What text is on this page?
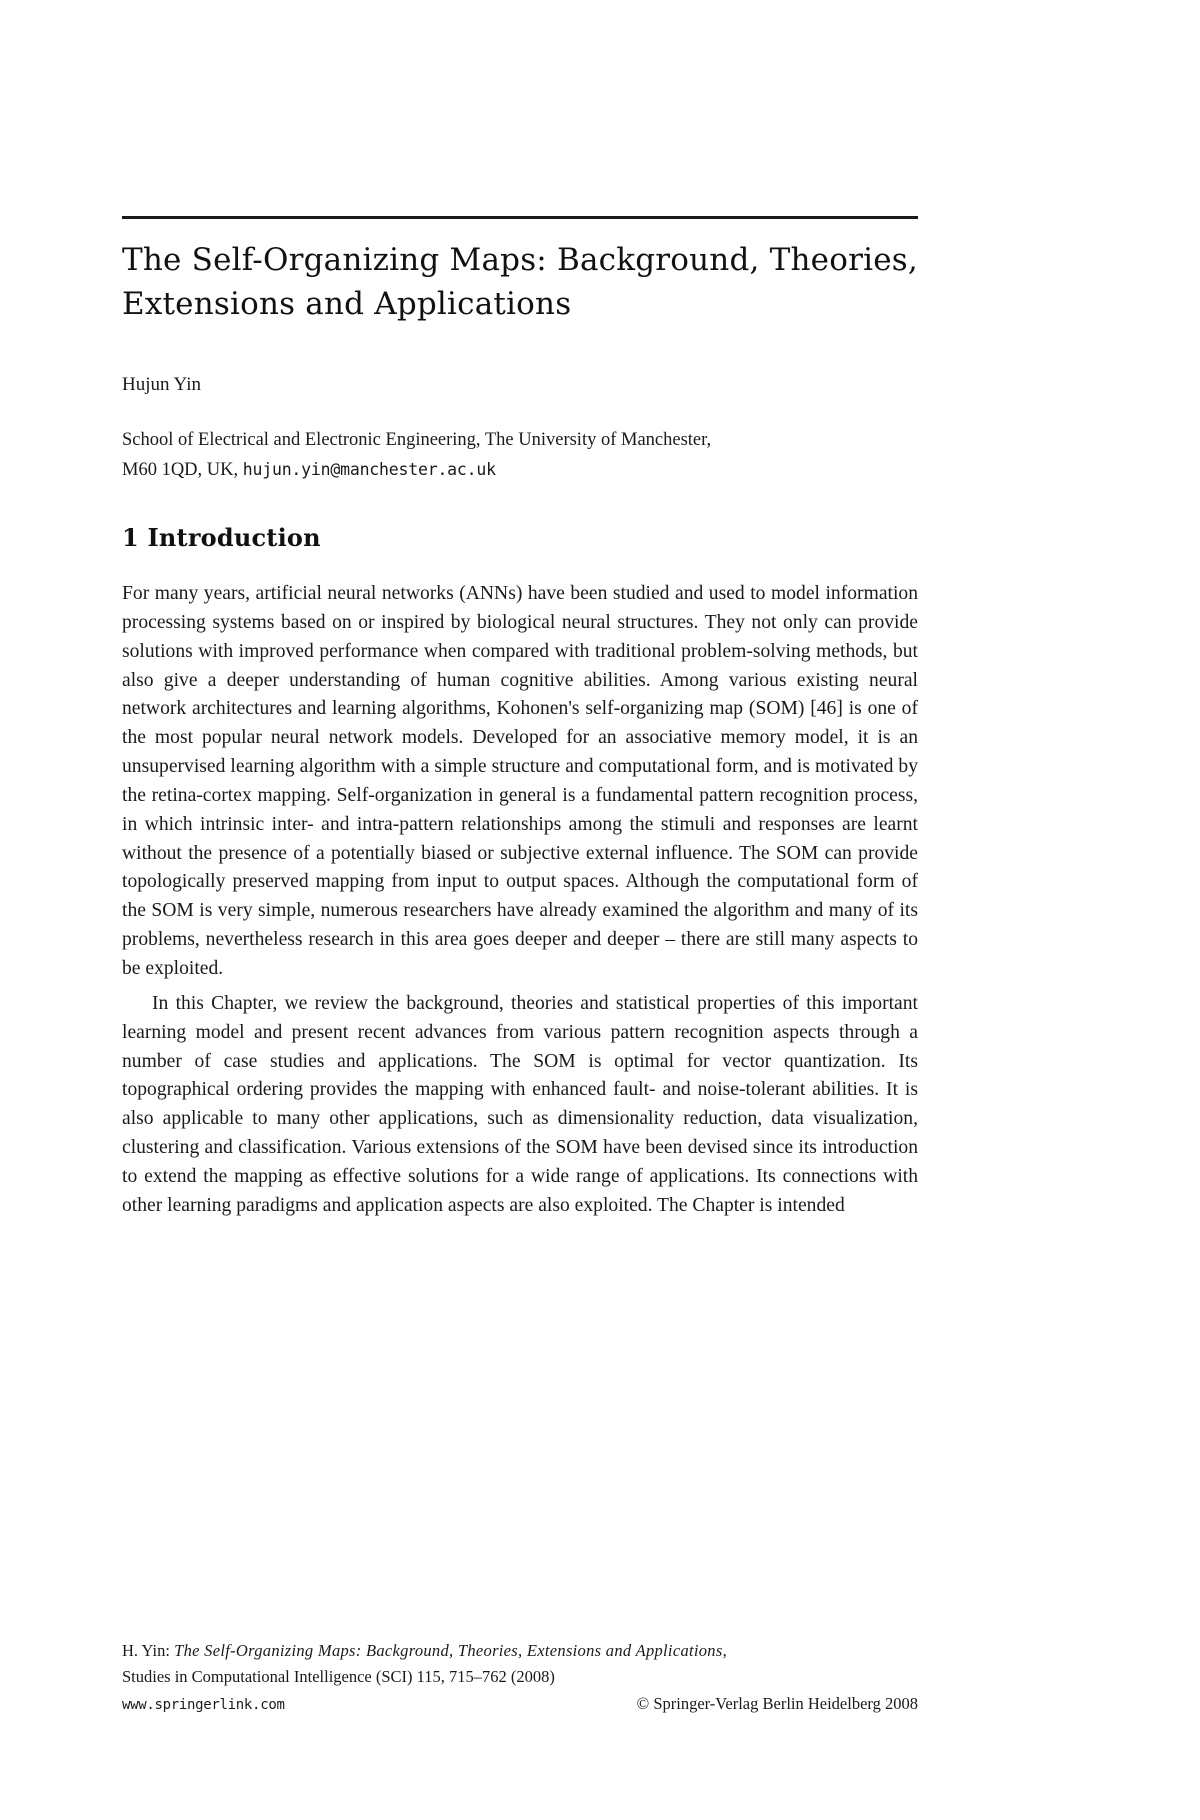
The Self-Organizing Maps: Background, Theories, Extensions and Applications
Hujun Yin
School of Electrical and Electronic Engineering, The University of Manchester,
M60 1QD, UK, hujun.yin@manchester.ac.uk
1 Introduction

For many years, artificial neural networks (ANNs) have been studied and used to model information processing systems based on or inspired by biological neural structures. They not only can provide solutions with improved performance when compared with traditional problem-solving methods, but also give a deeper understanding of human cognitive abilities. Among various existing neural network architectures and learning algorithms, Kohonen's self-organizing map (SOM) [46] is one of the most popular neural network models. Developed for an associative memory model, it is an unsupervised learning algorithm with a simple structure and computational form, and is motivated by the retina-cortex mapping. Self-organization in general is a fundamental pattern recognition process, in which intrinsic inter- and intra-pattern relationships among the stimuli and responses are learnt without the presence of a potentially biased or subjective external influence. The SOM can provide topologically preserved mapping from input to output spaces. Although the computational form of the SOM is very simple, numerous researchers have already examined the algorithm and many of its problems, nevertheless research in this area goes deeper and deeper – there are still many aspects to be exploited.

In this Chapter, we review the background, theories and statistical properties of this important learning model and present recent advances from various pattern recognition aspects through a number of case studies and applications. The SOM is optimal for vector quantization. Its topographical ordering provides the mapping with enhanced fault- and noise-tolerant abilities. It is also applicable to many other applications, such as dimensionality reduction, data visualization, clustering and classification. Various extensions of the SOM have been devised since its introduction to extend the mapping as effective solutions for a wide range of applications. Its connections with other learning paradigms and application aspects are also exploited. The Chapter is intended

H. Yin: The Self-Organizing Maps: Background, Theories, Extensions and Applications,
Studies in Computational Intelligence (SCI) 115, 715–762 (2008)
www.springerlink.com	© Springer-Verlag Berlin Heidelberg 2008
